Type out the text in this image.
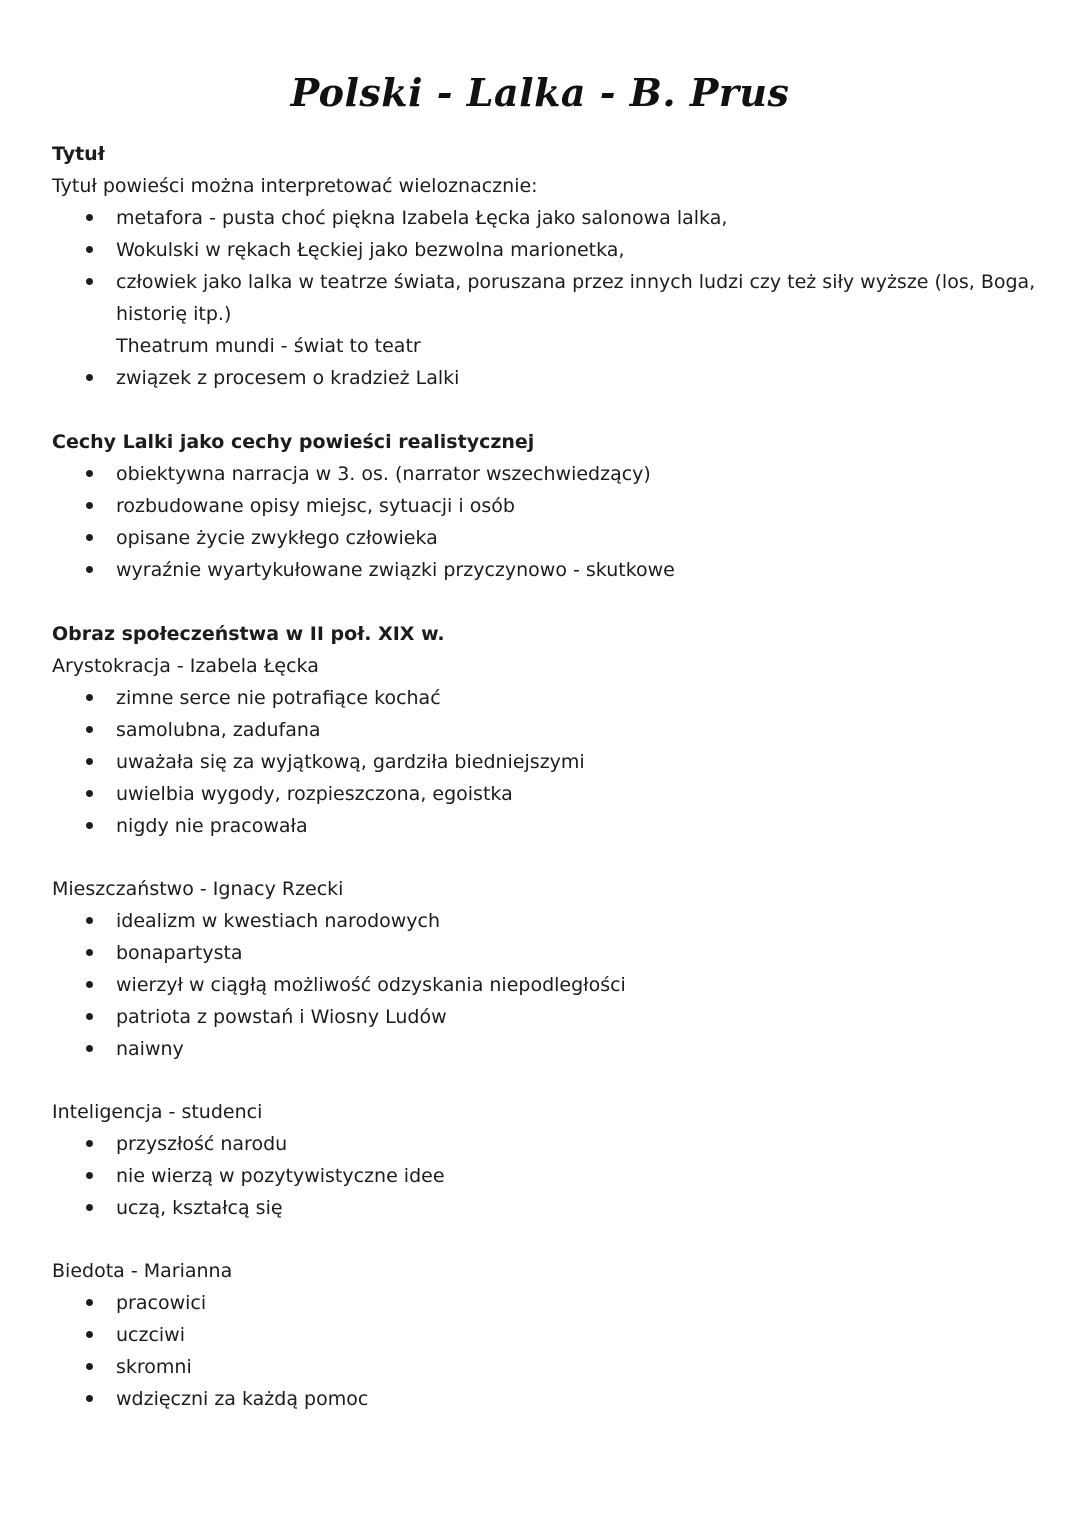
Polski - Lalka - B. Prus
Tytuł
Tytuł powieści można interpretować wieloznacznie:
metafora - pusta choć piękna Izabela Łęcka jako salonowa lalka,
Wokulski w rękach Łęckiej jako bezwolna marionetka,
człowiek jako lalka w teatrze świata, poruszana przez innych ludzi czy też siły wyższe (los, Boga,
historię itp.)
Theatrum mundi - świat to teatr
związek z procesem o kradzież Lalki
Cechy Lalki jako cechy powieści realistycznej
obiektywna narracja w 3. os. (narrator wszechwiedzący)
rozbudowane opisy miejsc, sytuacji i osób
opisane życie zwykłego człowieka
wyraźnie wyartykułowane związki przyczynowo - skutkowe
Obraz społeczeństwa w II poł. XIX w.
Arystokracja - Izabela Łęcka
zimne serce nie potrafiące kochać
samolubna, zadufana
uważała się za wyjątkową, gardziła biedniejszymi
uwielbia wygody, rozpieszczona, egoistka
nigdy nie pracowała
Mieszczaństwo - Ignacy Rzecki
idealizm w kwestiach narodowych
bonapartysta
wierzył w ciągłą możliwość odzyskania niepodległości
patriota z powstań i Wiosny Ludów
naiwny
Inteligencja - studenci
przyszłość narodu
nie wierzą w pozytywistyczne idee
uczą, kształcą się
Biedota - Marianna
pracowici
uczciwi
skromni
wdzięczni za każdą pomoc
